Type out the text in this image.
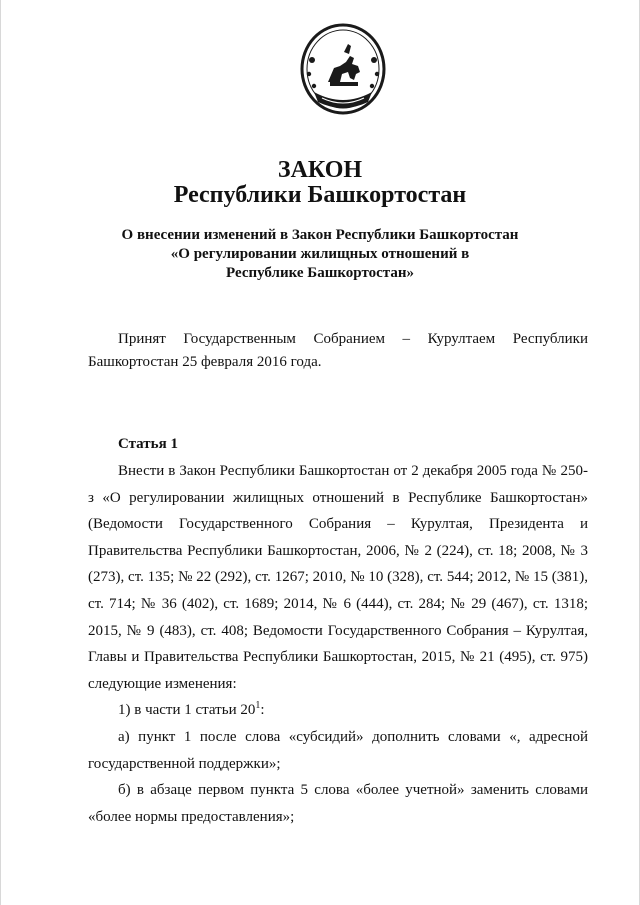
ЗАКОН
Республики Башкортостан
О внесении изменений в Закон Республики Башкортостан
«О регулировании жилищных отношений в
Республике Башкортостан»

Принят Государственным Собранием – Курултаем Республики Башкортостан 25 февраля 2016 года.

Статья 1

Внести в Закон Республики Башкортостан от 2 декабря 2005 года № 250-з «О регулировании жилищных отношений в Республике Башкортостан» (Ведомости Государственного Собрания – Курултая, Президента и Правительства Республики Башкортостан, 2006, № 2 (224), ст. 18; 2008, № 3 (273), ст. 135; № 22 (292), ст. 1267; 2010, № 10 (328), ст. 544; 2012, № 15 (381), ст. 714; № 36 (402), ст. 1689; 2014, № 6 (444), ст. 284; № 29 (467), ст. 1318; 2015, № 9 (483), ст. 408; Ведомости Государственного Собрания – Курултая, Главы и Правительства Республики Башкортостан, 2015, № 21 (495), ст. 975) следующие изменения:

1) в части 1 статьи $20^1$:

а) пункт 1 после слова «субсидий» дополнить словами «, адресной государственной поддержки»;

б) в абзаце первом пункта 5 слова «более учетной» заменить словами «более нормы предоставления»;
